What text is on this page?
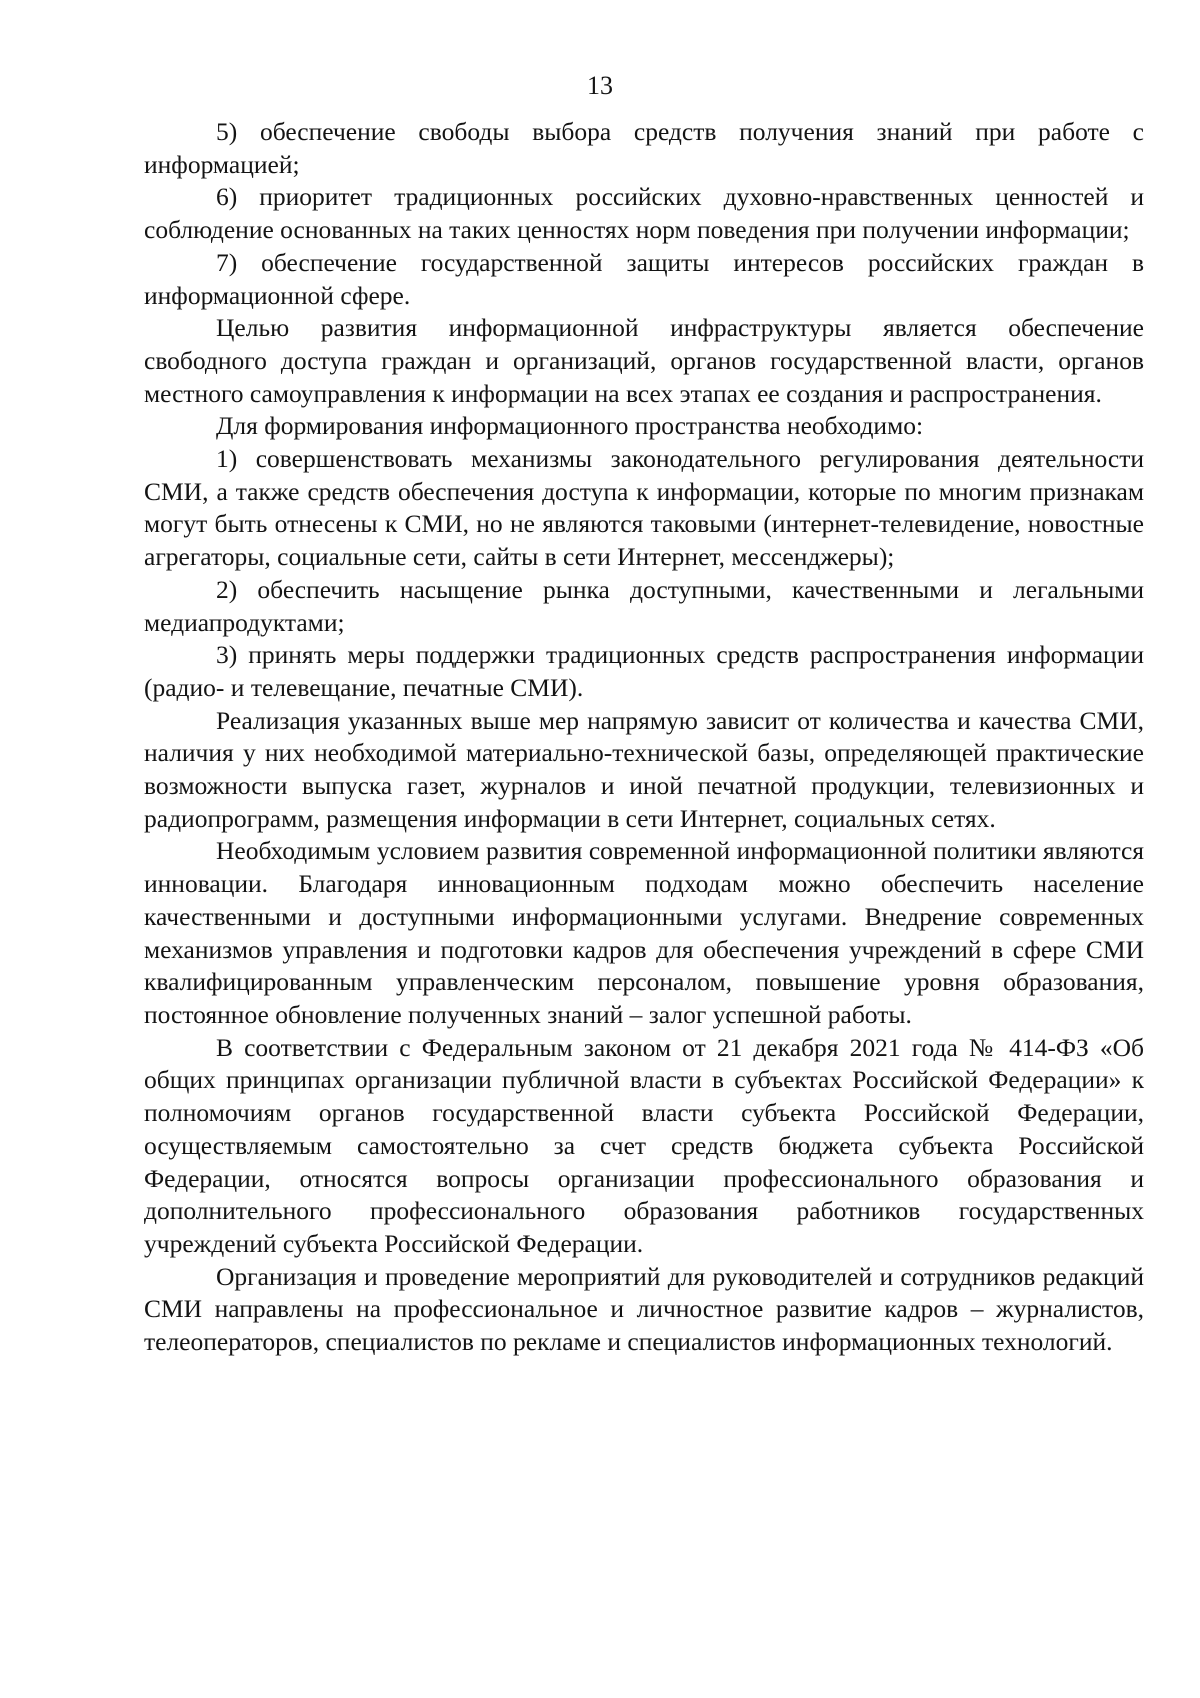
13

5) обеспечение свободы выбора средств получения знаний при работе с информацией;

6) приоритет традиционных российских духовно-нравственных ценностей и соблюдение основанных на таких ценностях норм поведения при получении информации;

7) обеспечение государственной защиты интересов российских граждан в информационной сфере.

Целью развития информационной инфраструктуры является обеспечение свободного доступа граждан и организаций, органов государственной власти, органов местного самоуправления к информации на всех этапах ее создания и распространения.

Для формирования информационного пространства необходимо:

1) совершенствовать механизмы законодательного регулирования деятельности СМИ, а также средств обеспечения доступа к информации, которые по многим признакам могут быть отнесены к СМИ, но не являются таковыми (интернет-телевидение, новостные агрегаторы, социальные сети, сайты в сети Интернет, мессенджеры);

2) обеспечить насыщение рынка доступными, качественными и легальными медиапродуктами;

3) принять меры поддержки традиционных средств распространения информации (радио- и телевещание, печатные СМИ).

Реализация указанных выше мер напрямую зависит от количества и качества СМИ, наличия у них необходимой материально-технической базы, определяющей практические возможности выпуска газет, журналов и иной печатной продукции, телевизионных и радиопрограмм, размещения информации в сети Интернет, социальных сетях.

Необходимым условием развития современной информационной политики являются инновации. Благодаря инновационным подходам можно обеспечить население качественными и доступными информационными услугами. Внедрение современных механизмов управления и подготовки кадров для обеспечения учреждений в сфере СМИ квалифицированным управленческим персоналом, повышение уровня образования, постоянное обновление полученных знаний – залог успешной работы.

В соответствии с Федеральным законом от 21 декабря 2021 года № 414-ФЗ «Об общих принципах организации публичной власти в субъектах Российской Федерации» к полномочиям органов государственной власти субъекта Российской Федерации, осуществляемым самостоятельно за счет средств бюджета субъекта Российской Федерации, относятся вопросы организации профессионального образования и дополнительного профессионального образования работников государственных учреждений субъекта Российской Федерации.

Организация и проведение мероприятий для руководителей и сотрудников редакций СМИ направлены на профессиональное и личностное развитие кадров – журналистов, телеоператоров, специалистов по рекламе и специалистов информационных технологий.
